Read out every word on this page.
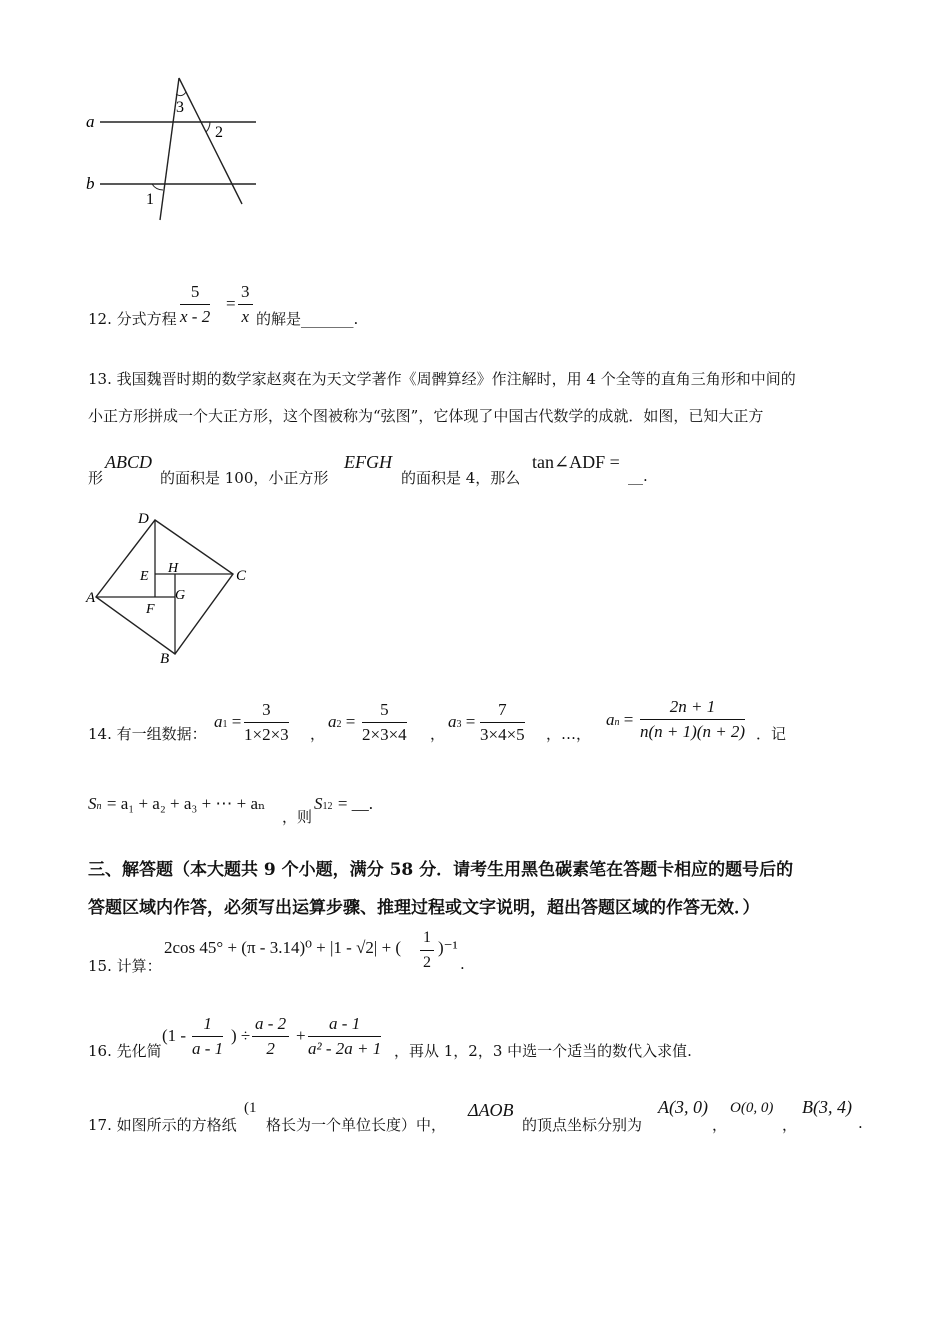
a
b
3
2
1
12. 分式方程 $\frac{5}{x - 2} = \frac{3}{x}$ 的解是_______.
13. 我国魏晋时期的数学家赵爽在为天文学著作《周髀算经》作注解时，用 4 个全等的直角三角形和中间的
小正方形拼成一个大正方形，这个图被称为“弦图”，它体现了中国古代数学的成就．如图，已知大正方
形
ABCD
的面积是 100，小正方形
EFGH
的面积是 4，那么
tan∠ADF =
__.
D
A
C
B
E
H
F
G
14. 有一组数据：
$a1 = \frac{3}{1\times 2\times 3}$ ，
$a2 = \frac{5}{2\times 3\times 4}$ ，
$a3 = \frac{7}{3\times 4\times 5}$ ，…，
an = $\frac{2n + 1}{n(n + 1)(n + 2)}$ ．记
Sn = a₁ + a₂ + a₃ + ⋯ + aₙ
，则
S12 = __.
三、解答题（本大题共 9 个小题，满分 58 分．请考生用黑色碳素笔在答题卡相应的题号后的
答题区域内作答，必须写出运算步骤、推理过程或文字说明，超出答题区域的作答无效．）
15. 计算：
2cos 45° + (π - 3.14)⁰ + |1 - √2| + ( $\frac{1}{2} )^{-1}$
.
16. 先化简
($1 - \frac{1}{a - 1}$ ) ÷ $\frac{a - 2}{2} + \frac{a - 1}{\text{a² - 2a + 1}}$ ，再从 1，2，3 中选一个适当的数代入求值.
17. 如图所示的方格纸
(1
格长为一个单位长度）中，
ΔAOB
的顶点坐标分别为
A(3, 0)
，
O(0, 0)
，
B(3, 4)
.
